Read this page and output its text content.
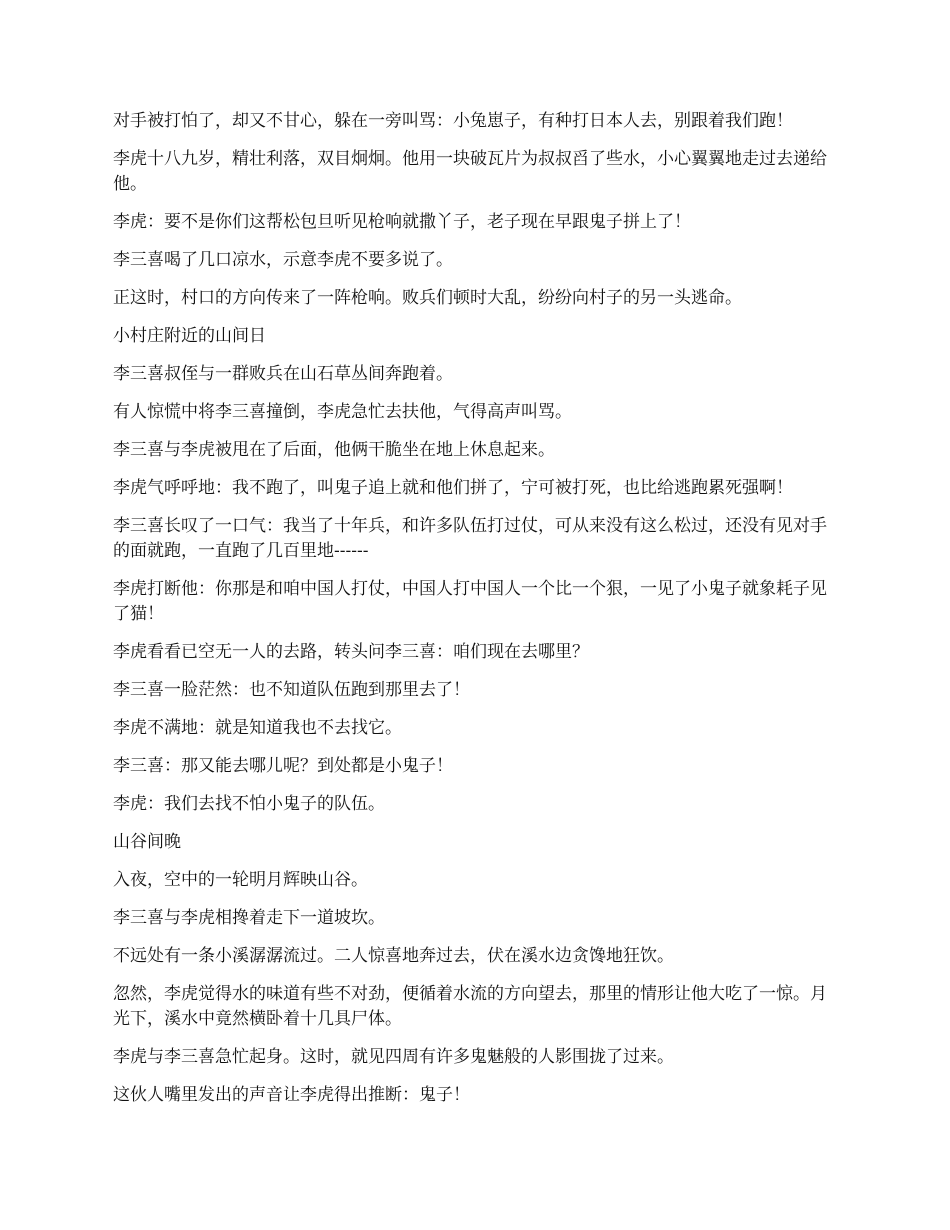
对手被打怕了，却又不甘心，躲在一旁叫骂：小兔崽子，有种打日本人去，别跟着我们跑！

李虎十八九岁，精壮利落，双目炯炯。他用一块破瓦片为叔叔舀了些水，小心翼翼地走过去递给他。

李虎：要不是你们这帮松包旦听见枪响就撒丫子，老子现在早跟鬼子拼上了！

李三喜喝了几口凉水，示意李虎不要多说了。

正这时，村口的方向传来了一阵枪响。败兵们顿时大乱，纷纷向村子的另一头逃命。

小村庄附近的山间日

李三喜叔侄与一群败兵在山石草丛间奔跑着。

有人惊慌中将李三喜撞倒，李虎急忙去扶他，气得高声叫骂。

李三喜与李虎被甩在了后面，他俩干脆坐在地上休息起来。

李虎气呼呼地：我不跑了，叫鬼子追上就和他们拼了，宁可被打死，也比给逃跑累死强啊！

李三喜长叹了一口气：我当了十年兵，和许多队伍打过仗，可从来没有这么松过，还没有见对手的面就跑，一直跑了几百里地------

李虎打断他：你那是和咱中国人打仗，中国人打中国人一个比一个狠，一见了小鬼子就象耗子见了猫！

李虎看看已空无一人的去路，转头问李三喜：咱们现在去哪里？

李三喜一脸茫然：也不知道队伍跑到那里去了！

李虎不满地：就是知道我也不去找它。

李三喜：那又能去哪儿呢？到处都是小鬼子！

李虎：我们去找不怕小鬼子的队伍。

山谷间晚

入夜，空中的一轮明月辉映山谷。

李三喜与李虎相搀着走下一道坡坎。

不远处有一条小溪潺潺流过。二人惊喜地奔过去，伏在溪水边贪馋地狂饮。

忽然，李虎觉得水的味道有些不对劲，便循着水流的方向望去，那里的情形让他大吃了一惊。月光下，溪水中竟然横卧着十几具尸体。

李虎与李三喜急忙起身。这时，就见四周有许多鬼魅般的人影围拢了过来。

这伙人嘴里发出的声音让李虎得出推断：鬼子！
